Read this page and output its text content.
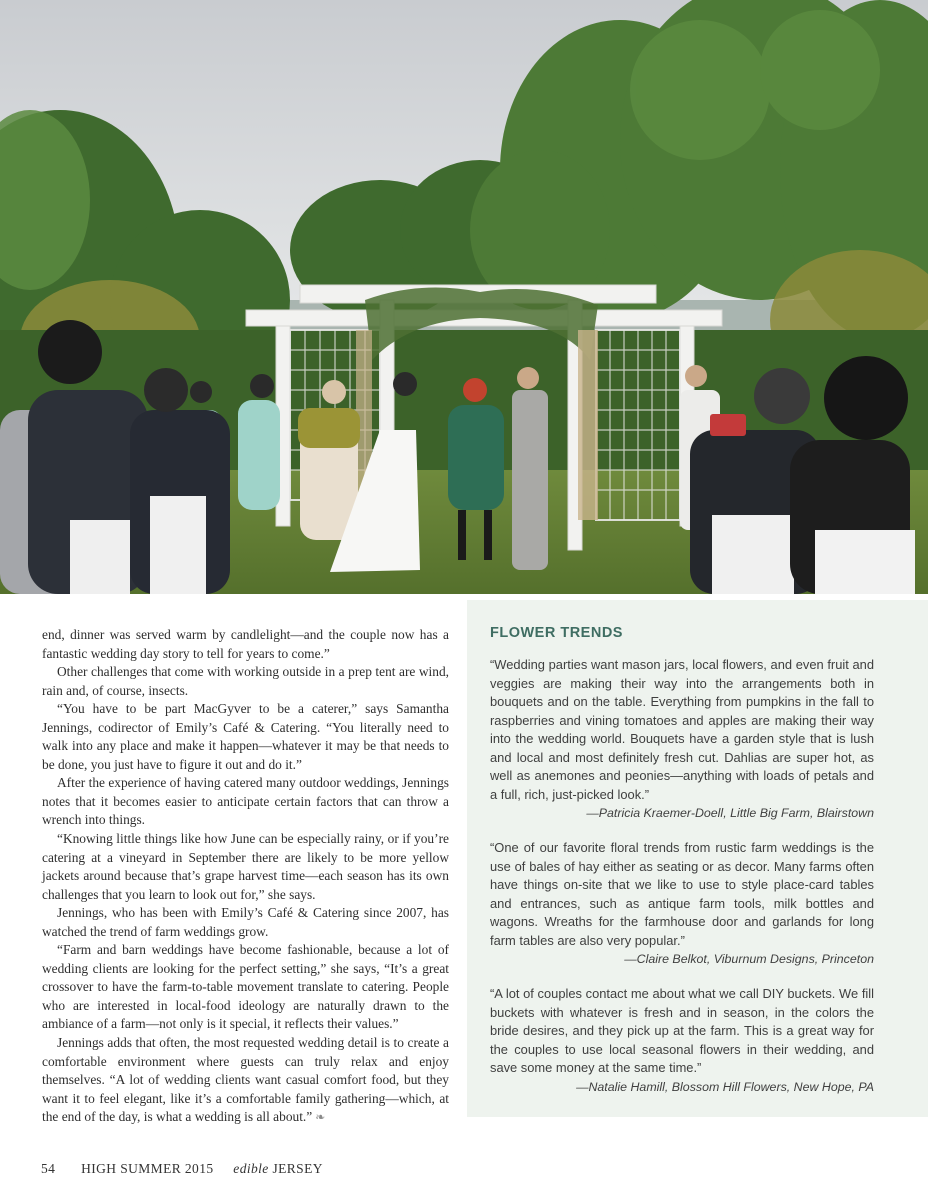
end, dinner was served warm by candlelight—and the couple now has a fantastic wedding day story to tell for years to come.”

Other challenges that come with working outside in a prep tent are wind, rain and, of course, insects.

“You have to be part MacGyver to be a caterer,” says Samantha Jennings, codirector of Emily’s Café & Catering. “You literally need to walk into any place and make it happen—whatever it may be that needs to be done, you just have to figure it out and do it.”

After the experience of having catered many outdoor weddings, Jennings notes that it becomes easier to anticipate certain factors that can throw a wrench into things.

“Knowing little things like how June can be especially rainy, or if you’re catering at a vineyard in September there are likely to be more yellow jackets around because that’s grape harvest time—each season has its own challenges that you learn to look out for,” she says.

Jennings, who has been with Emily’s Café & Catering since 2007, has watched the trend of farm weddings grow.

“Farm and barn weddings have become fashionable, because a lot of wedding clients are looking for the perfect setting,” she says, “It’s a great crossover to have the farm-to-table movement translate to catering. People who are interested in local-food ideology are naturally drawn to the ambiance of a farm—not only is it special, it reflects their values.”

Jennings adds that often, the most requested wedding detail is to create a comfortable environment where guests can truly relax and enjoy themselves. “A lot of wedding clients want casual comfort food, but they want it to feel elegant, like it’s a comfortable family gathering—which, at the end of the day, is what a wedding is all about.” ❧

FLOWER TRENDS

“Wedding parties want mason jars, local flowers, and even fruit and veggies are making their way into the arrangements both in bouquets and on the table. Everything from pumpkins in the fall to raspberries and vining tomatoes and apples are making their way into the wedding world. Bouquets have a garden style that is lush and local and most definitely fresh cut. Dahlias are super hot, as well as anemones and peonies—anything with loads of petals and a full, rich, just-picked look.”

—Patricia Kraemer-Doell, Little Big Farm, Blairstown

“One of our favorite floral trends from rustic farm weddings is the use of bales of hay either as seating or as decor. Many farms often have things on-site that we like to use to style place-card tables and entrances, such as antique farm tools, milk bottles and wagons. Wreaths for the farmhouse door and garlands for long farm tables are also very popular.”

—Claire Belkot, Viburnum Designs, Princeton

“A lot of couples contact me about what we call DIY buckets. We fill buckets with whatever is fresh and in season, in the colors the bride desires, and they pick up at the farm. This is a great way for the couples to use local seasonal flowers in their wedding, and save some money at the same time.”

—Natalie Hamill, Blossom Hill Flowers, New Hope, PA

54 HIGH SUMMER 2015 edible JERSEY
